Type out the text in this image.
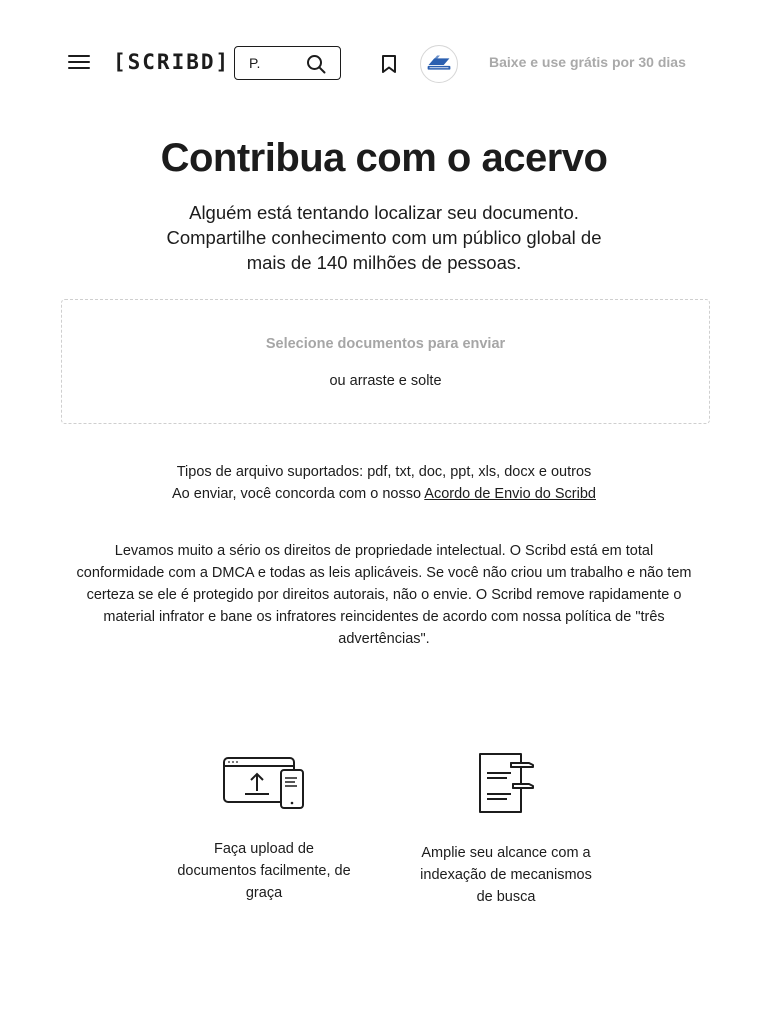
[SCRIBD]
P.	Baixe e use grátis por 30 dias
Contribua com o acervo
Alguém está tentando localizar seu documento. Compartilhe conhecimento com um público global de mais de 140 milhões de pessoas.
Selecione documentos para enviar
ou arraste e solte
Tipos de arquivo suportados: pdf, txt, doc, ppt, xls, docx e outros
Ao enviar, você concorda com o nosso Acordo de Envio do Scribd
Levamos muito a sério os direitos de propriedade intelectual. O Scribd está em total conformidade com a DMCA e todas as leis aplicáveis. Se você não criou um trabalho e não tem certeza se ele é protegido por direitos autorais, não o envie. O Scribd remove rapidamente o material infrator e bane os infratores reincidentes de acordo com nossa política de "três advertências".
Faça upload de documentos facilmente, de graça
Amplie seu alcance com a indexação de mecanismos de busca
